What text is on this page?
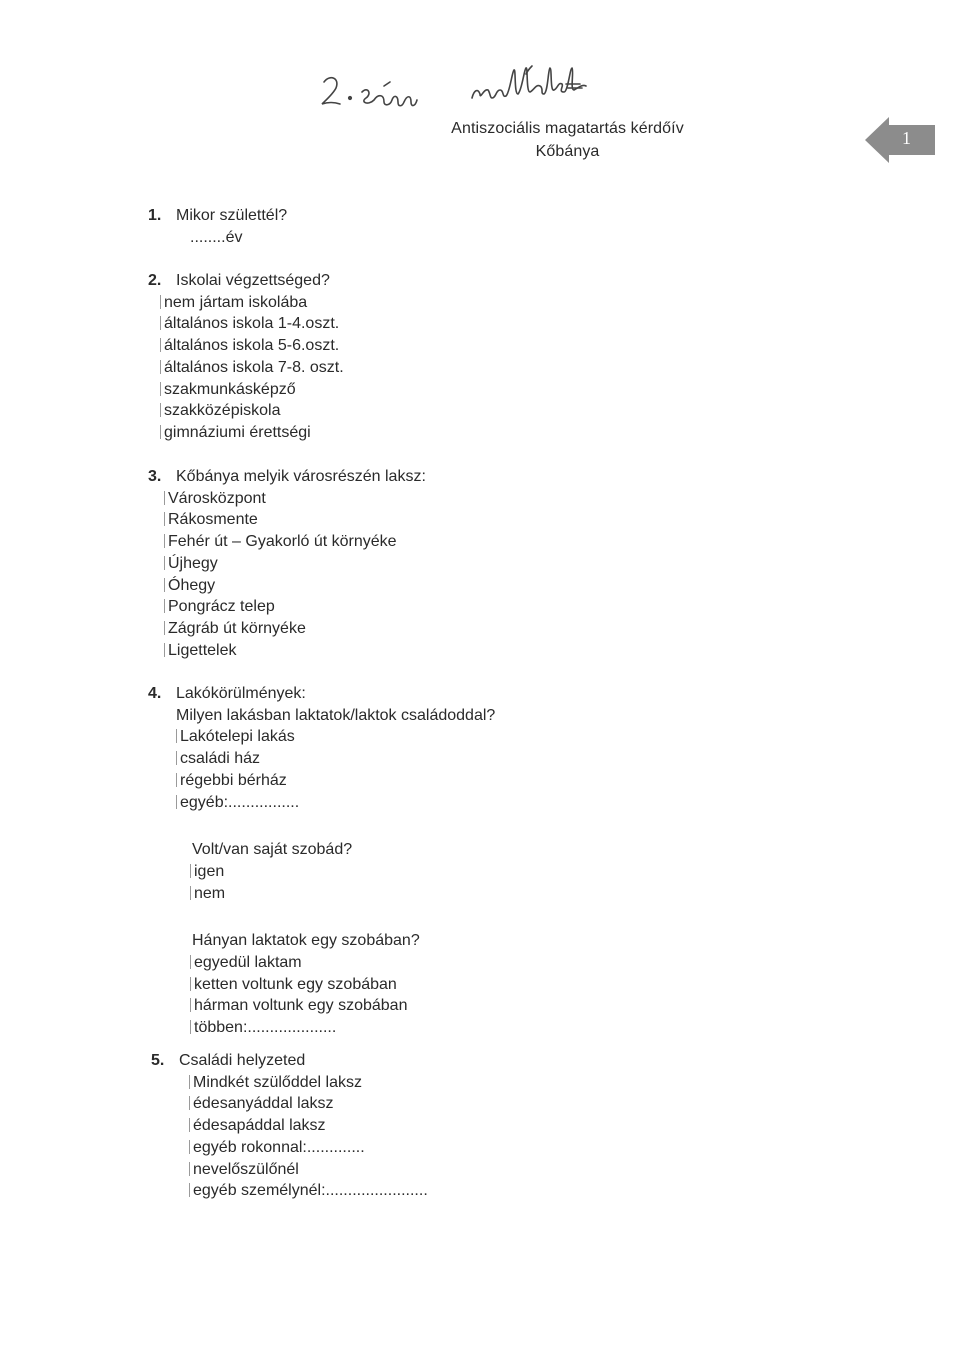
Antiszociális magatartás kérdőív
Kőbánya
1
1. Mikor születtél?
........év
2. Iskolai végzettséged?
nem jártam iskolába
általános iskola 1-4.oszt.
általános iskola 5-6.oszt.
általános iskola 7-8. oszt.
szakmunkásképző
szakközépiskola
gimnáziumi érettségi
3. Kőbánya melyik városrészén laksz:
Városközpont
Rákosmente
Fehér út – Gyakorló út környéke
Újhegy
Óhegy
Pongrácz telep
Zágráb út környéke
Ligettelek
4. Lakókörülmények:
Milyen lakásban laktatok/laktok családoddal?
Lakótelepi lakás
családi ház
régebbi bérház
egyéb:................
Volt/van saját szobád?
igen
nem
Hányan laktatok egy szobában?
egyedül laktam
ketten voltunk egy szobában
hárman voltunk egy szobában
többen:....................
5. Családi helyzeted
Mindkét szülőddel laksz
édesanyáddal laksz
édesapáddal laksz
egyéb rokonnal:.............
nevelőszülőnél
egyéb személynél:.......................
